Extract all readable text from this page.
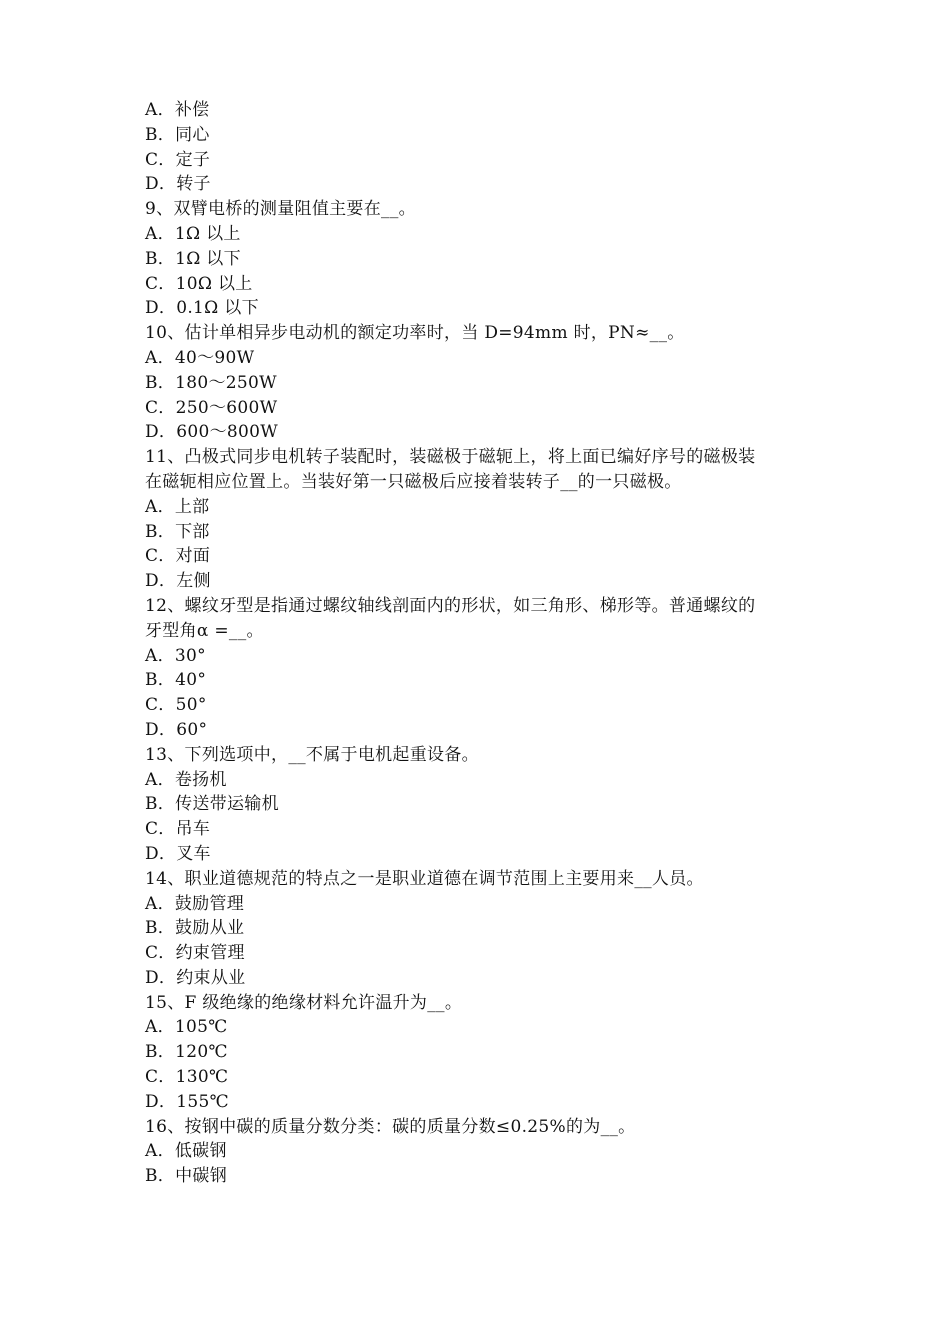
A．补偿
B．同心
C．定子
D．转子
9、双臂电桥的测量阻值主要在__。
A．1Ω 以上
B．1Ω 以下
C．10Ω 以上
D．0.1Ω 以下
10、估计单相异步电动机的额定功率时，当 D=94mm 时，PN≈__。
A．40～90W
B．180～250W
C．250～600W
D．600～800W
11、凸极式同步电机转子装配时，装磁极于磁轭上，将上面已编好序号的磁极装
在磁轭相应位置上。当装好第一只磁极后应接着装转子__的一只磁极。
A．上部
B．下部
C．对面
D．左侧
12、螺纹牙型是指通过螺纹轴线剖面内的形状，如三角形、梯形等。普通螺纹的
牙型角α =__。
A．30°
B．40°
C．50°
D．60°
13、下列选项中，__不属于电机起重设备。
A．卷扬机
B．传送带运输机
C．吊车
D．叉车
14、职业道德规范的特点之一是职业道德在调节范围上主要用来__人员。
A．鼓励管理
B．鼓励从业
C．约束管理
D．约束从业
15、F 级绝缘的绝缘材料允许温升为__。
A．105℃
B．120℃
C．130℃
D．155℃
16、按钢中碳的质量分数分类：碳的质量分数≤0.25%的为__。
A．低碳钢
B．中碳钢
